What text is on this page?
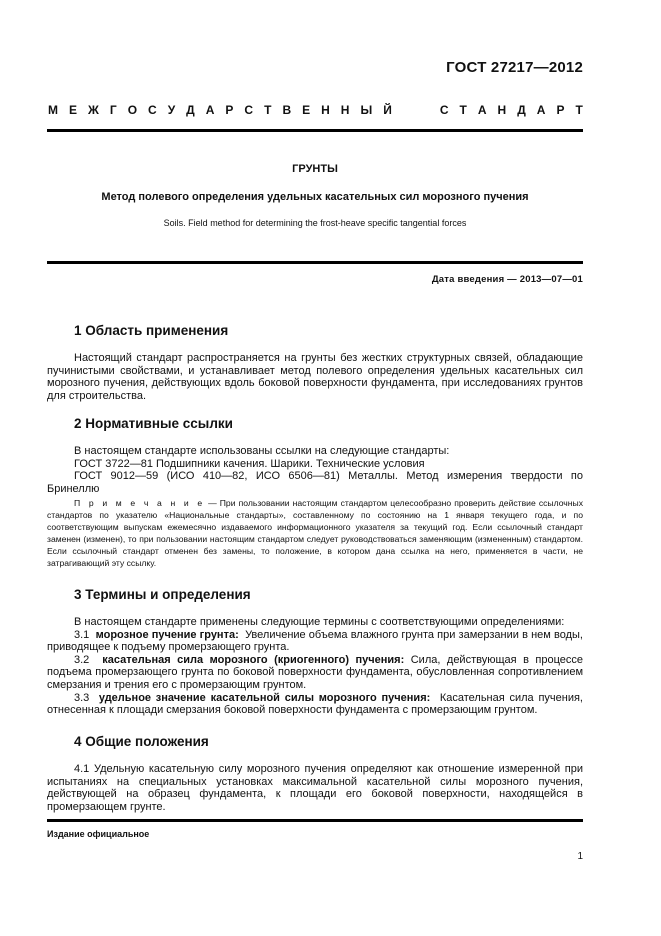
ГОСТ 27217—2012
М Е Ж Г О С У Д А Р С Т В Е Н Н Ы Й	С Т А Н Д А Р Т
ГРУНТЫ
Метод полевого определения удельных касательных сил морозного пучения
Soils. Field method for determining the frost-heave specific tangential forces
Дата введения — 2013—07—01
1 Область применения

Настоящий стандарт распространяется на грунты без жестких структурных связей, обладающие пучинистыми свойствами, и устанавливает метод полевого определения удельных касательных сил морозного пучения, действующих вдоль боковой поверхности фундамента, при исследованиях грунтов для строительства.

2 Нормативные ссылки

В настоящем стандарте использованы ссылки на следующие стандарты:

ГОСТ 3722—81 Подшипники качения. Шарики. Технические условия

ГОСТ 9012—59 (ИСО 410—82, ИСО 6506—81) Металлы. Метод измерения твердости по Бринеллю

П р и м е ч а н и е — При пользовании настоящим стандартом целесообразно проверить действие ссылочных стандартов по указателю «Национальные стандарты», составленному по состоянию на 1 января текущего года, и по соответствующим выпускам ежемесячно издаваемого информационного указателя за текущий год. Если ссылочный стандарт заменен (изменен), то при пользовании настоящим стандартом следует руководствоваться заменяющим (измененным) стандартом. Если ссылочный стандарт отменен без замены, то положение, в котором дана ссылка на него, применяется в части, не затрагивающий эту ссылку.

3 Термины и определения

В настоящем стандарте применены следующие термины с соответствующими определениями:

3.1 морозное пучение грунта: Увеличение объема влажного грунта при замерзании в нем воды, приводящее к подъему промерзающего грунта.

3.2 касательная сила морозного (криогенного) пучения: Сила, действующая в процессе подъема промерзающего грунта по боковой поверхности фундамента, обусловленная сопротивлением смерзания и трения его с промерзающим грунтом.

3.3 удельное значение касательной силы морозного пучения: Касательная сила пучения, отнесенная к площади смерзания боковой поверхности фундамента с промерзающим грунтом.

4 Общие положения

4.1 Удельную касательную силу морозного пучения определяют как отношение измеренной при испытаниях на специальных установках максимальной касательной силы морозного пучения, действующей на образец фундамента, к площади его боковой поверхности, находящейся в промерзающем грунте.

Издание официальное
1
